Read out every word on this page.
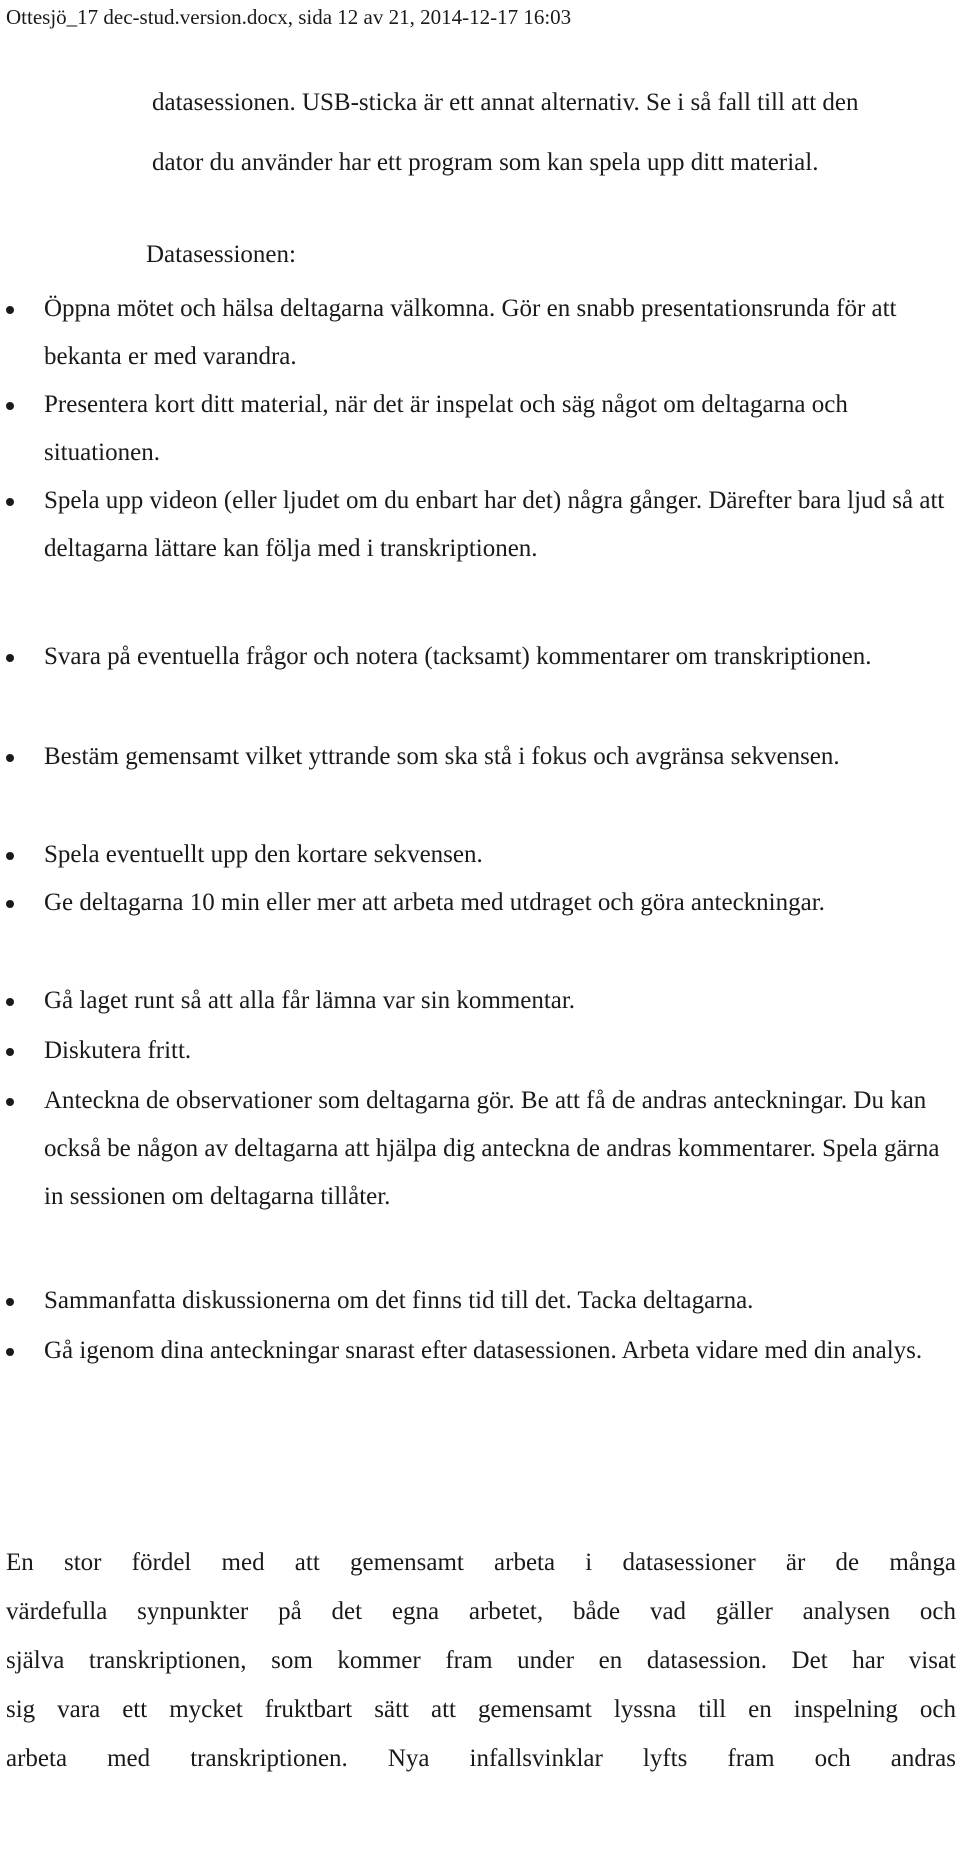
Ottesjö_17 dec-stud.version.docx, sida 12 av 21, 2014-12-17 16:03
datasessionen. USB-sticka är ett annat alternativ. Se i så fall till att den
dator du använder har ett program som kan spela upp ditt material.
Datasessionen:
Öppna mötet och hälsa deltagarna välkomna. Gör en snabb presentationsrunda för att bekanta er med varandra.
Presentera kort ditt material, när det är inspelat och säg något om deltagarna och situationen.
Spela upp videon (eller ljudet om du enbart har det) några gånger. Därefter bara ljud så att deltagarna lättare kan följa med i transkriptionen.
Svara på eventuella frågor och notera (tacksamt) kommentarer om transkriptionen.
Bestäm gemensamt vilket yttrande som ska stå i fokus och avgränsa sekvensen.
Spela eventuellt upp den kortare sekvensen.
Ge deltagarna 10 min eller mer att arbeta med utdraget och göra anteckningar.
Gå laget runt så att alla får lämna var sin kommentar.
Diskutera fritt.
Anteckna de observationer som deltagarna gör. Be att få de andras anteckningar. Du kan också be någon av deltagarna att hjälpa dig anteckna de andras kommentarer. Spela gärna in sessionen om deltagarna tillåter.
Sammanfatta diskussionerna om det finns tid till det. Tacka deltagarna.
Gå igenom dina anteckningar snarast efter datasessionen. Arbeta vidare med din analys.
En stor fördel med att gemensamt arbeta i datasessioner är de många
värdefulla synpunkter på det egna arbetet, både vad gäller analysen och
själva transkriptionen, som kommer fram under en datasession. Det har visat
sig vara ett mycket fruktbart sätt att gemensamt lyssna till en inspelning och
arbeta med transkriptionen. Nya infallsvinklar lyfts fram och andras
